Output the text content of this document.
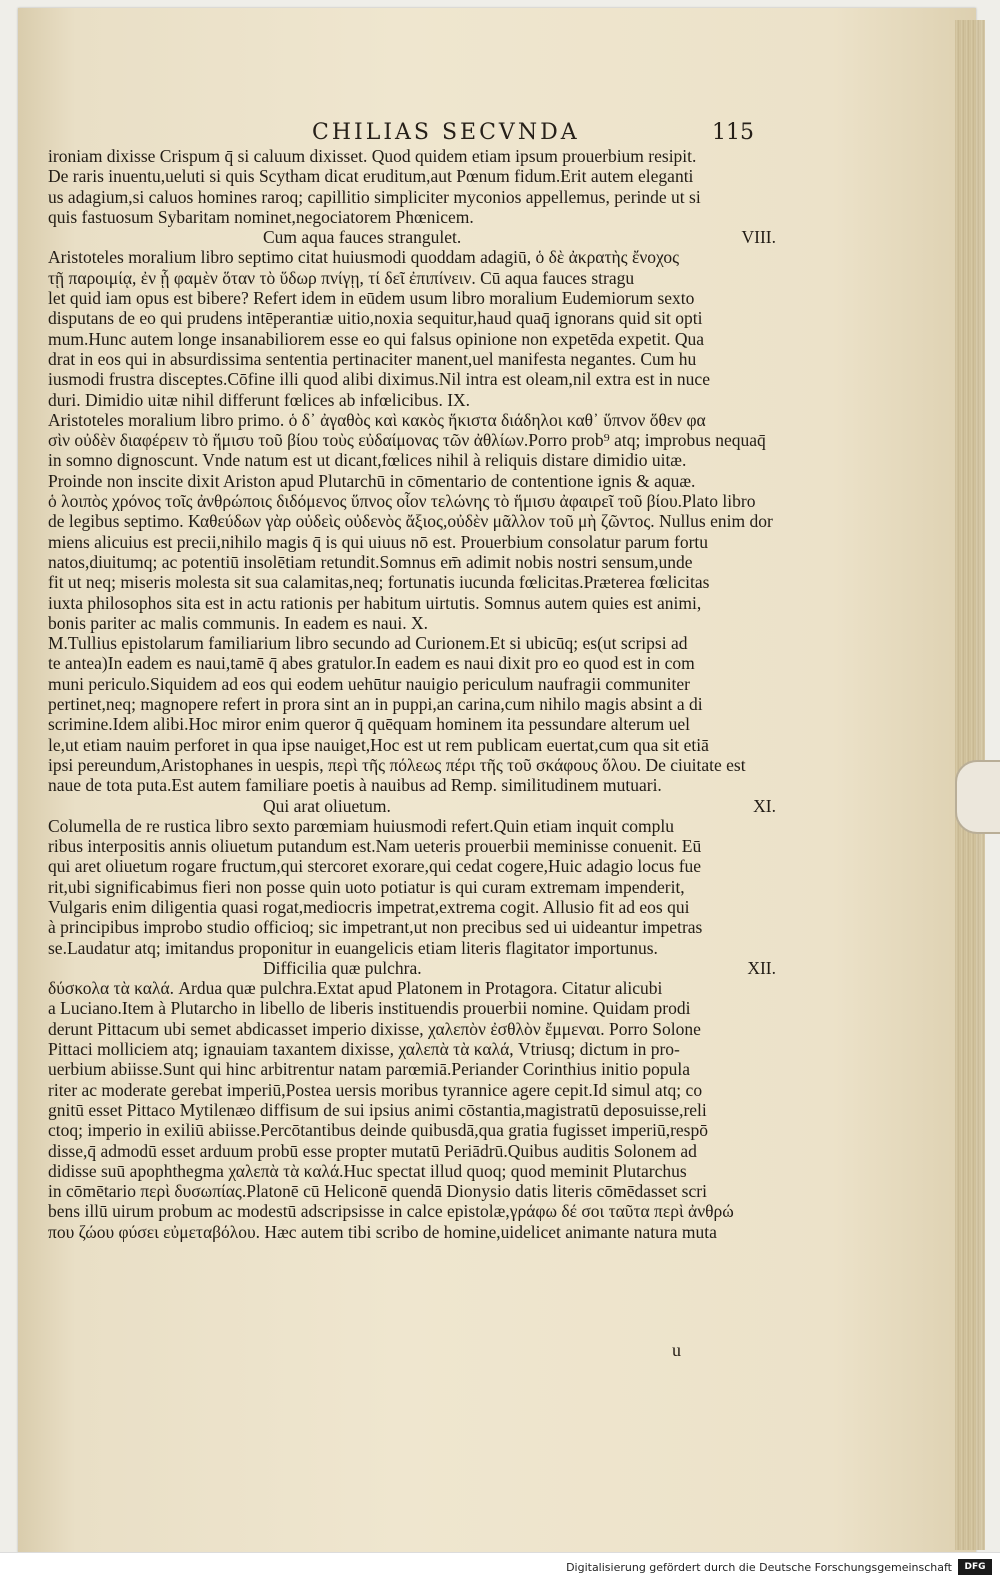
CHILIAS SECVNDA	115
ironiam dixisse Crispum q̄ si caluum dixisset. Quod quidem etiam ipsum prouerbium resipit.
De raris inuentu,ueluti si quis Scytham dicat eruditum,aut Pœnum fidum.Erit autem eleganti
us adagium,si caluos homines raroq; capillitio simpliciter myconios appellemus, perinde ut si
quis fastuosum Sybaritam nominet,negociatorem Phœnicem.
Cum aqua fauces strangulet.	VIII.
Aristoteles moralium libro septimo citat huiusmodi quoddam adagiū, ὁ δὲ ἀκρατὴς ἔνοχος
τῇ παροιμίᾳ, ἐν ᾗ φαμὲν ὅταν τὸ ὕδωρ πνίγῃ, τί δεῖ ἐπιπίνειν. Cū aqua fauces stragu
let quid iam opus est bibere? Refert idem in eūdem usum libro moralium Eudemiorum sexto
disputans de eo qui prudens intēperantiæ uitio,noxia sequitur,haud quaq̄ ignorans quid sit opti
mum.Hunc autem longe insanabiliorem esse eo qui falsus opinione non expetēda expetit. Qua
drat in eos qui in absurdissima sententia pertinaciter manent,uel manifesta negantes. Cum hu
iusmodi frustra disceptes.Cōfine illi quod alibi diximus.Nil intra est oleam,nil extra est in nuce
duri. Dimidio uitæ nihil differunt fœlices ab infœlicibus. IX.
Aristoteles moralium libro primo. ὁ δ᾽ ἀγαθὸς καὶ κακὸς ἥκιστα διάδηλοι καθ᾽ ὕπνον ὅθεν φα
σὶν οὐδὲν διαφέρειν τὸ ἥμισυ τοῦ βίου τοὺς εὐδαίμονας τῶν ἀθλίων.Porro prob⁹ atq; improbus nequaq̄
in somno dignoscunt. Vnde natum est ut dicant,fœlices nihil à reliquis distare dimidio uitæ.
Proinde non inscite dixit Ariston apud Plutarchū in cōmentario de contentione ignis & aquæ.
ὁ λοιπὸς χρόνος τοῖς ἀνθρώποις διδόμενος ὕπνος οἷον τελώνης τὸ ἥμισυ ἀφαιρεῖ τοῦ βίου.Plato libro
de legibus septimo. Καθεύδων γὰρ οὐδεὶς οὐδενὸς ἄξιος,οὐδὲν μᾶλλον τοῦ μὴ ζῶντος. Nullus enim dor
miens alicuius est precii,nihilo magis q̄ is qui uiuus nō est. Prouerbium consolatur parum fortu
natos,diuitumq; ac potentiū insolētiam retundit.Somnus em̄ adimit nobis nostri sensum,unde
fit ut neq; miseris molesta sit sua calamitas,neq; fortunatis iucunda fœlicitas.Præterea fœlicitas
iuxta philosophos sita est in actu rationis per habitum uirtutis. Somnus autem quies est animi,
bonis pariter ac malis communis. In eadem es naui. X.
M.Tullius epistolarum familiarium libro secundo ad Curionem.Et si ubicūq; es(ut scripsi ad
te antea)In eadem es naui,tamē q̄ abes gratulor.In eadem es naui dixit pro eo quod est in com
muni periculo.Siquidem ad eos qui eodem uehūtur nauigio periculum naufragii communiter
pertinet,neq; magnopere refert in prora sint an in puppi,an carina,cum nihilo magis absint a di
scrimine.Idem alibi.Hoc miror enim queror q̄ quēquam hominem ita pessundare alterum uel
le,ut etiam nauim perforet in qua ipse nauiget,Hoc est ut rem publicam euertat,cum qua sit etiā
ipsi pereundum,Aristophanes in uespis, περὶ τῆς πόλεως πέρι τῆς τοῦ σκάφους ὅλου. De ciuitate est
naue de tota puta.Est autem familiare poetis à nauibus ad Remp. similitudinem mutuari.
Qui arat oliuetum.	XI.
Columella de re rustica libro sexto parœmiam huiusmodi refert.Quin etiam inquit complu
ribus interpositis annis oliuetum putandum est.Nam ueteris prouerbii meminisse conuenit. Eū
qui aret oliuetum rogare fructum,qui stercoret exorare,qui cedat cogere,Huic adagio locus fue
rit,ubi significabimus fieri non posse quin uoto potiatur is qui curam extremam impenderit,
Vulgaris enim diligentia quasi rogat,mediocris impetrat,extrema cogit. Allusio fit ad eos qui
à principibus improbo studio officioq; sic impetrant,ut non precibus sed ui uideantur impetras
se.Laudatur atq; imitandus proponitur in euangelicis etiam literis flagitator importunus.
Difficilia quæ pulchra.	XII.
δύσκολα τὰ καλά. Ardua quæ pulchra.Extat apud Platonem in Protagora. Citatur alicubi
a Luciano.Item à Plutarcho in libello de liberis instituendis prouerbii nomine. Quidam prodi
derunt Pittacum ubi semet abdicasset imperio dixisse, χαλεπὸν ἐσθλὸν ἔμμεναι. Porro Solone
Pittaci molliciem atq; ignauiam taxantem dixisse, χαλεπὰ τὰ καλά, Vtriusq; dictum in pro-
uerbium abiisse.Sunt qui hinc arbitrentur natam parœmiā.Periander Corinthius initio popula
riter ac moderate gerebat imperiū,Postea uersis moribus tyrannice agere cepit.Id simul atq; co
gnitū esset Pittaco Mytilenæo diffisum de sui ipsius animi cōstantia,magistratū deposuisse,reli
ctoq; imperio in exiliū abiisse.Percōtantibus deinde quibusdā,qua gratia fugisset imperiū,respō
disse,q̄ admodū esset arduum probū esse propter mutatū Periādrū.Quibus auditis Solonem ad
didisse suū apophthegma χαλεπὰ τὰ καλά.Huc spectat illud quoq; quod meminit Plutarchus
in cōmētario περὶ δυσωπίας.Platonē cū Heliconē quendā Dionysio datis literis cōmēdasset scri
bens illū uirum probum ac modestū adscripsisse in calce epistolæ,γράφω δέ σοι ταῦτα περὶ ἀνθρώ
που ζώου φύσει εὐμεταβόλου. Hæc autem tibi scribo de homine,uidelicet animante natura muta
u
Digitalisierung gefördert durch die Deutsche Forschungsgemeinschaft	DFG
